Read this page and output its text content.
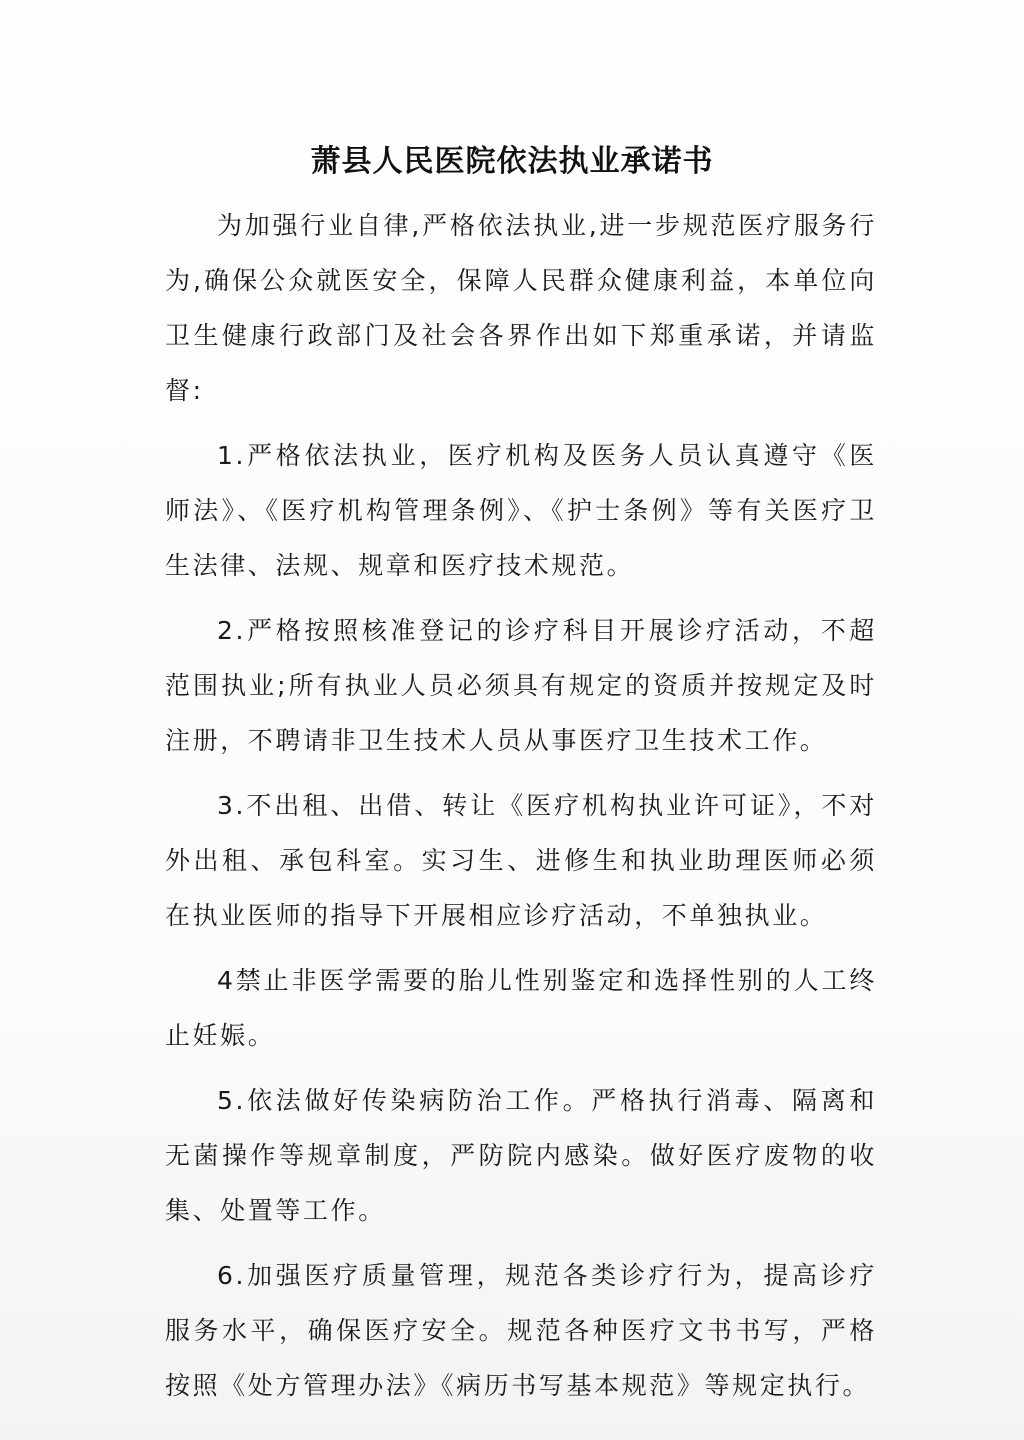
萧县人民医院依法执业承诺书

为加强行业自律,严格依法执业,进一步规范医疗服务行为,确保公众就医安全，保障人民群众健康利益，本单位向卫生健康行政部门及社会各界作出如下郑重承诺，并请监督:

1.严格依法执业，医疗机构及医务人员认真遵守《医师法》、《医疗机构管理条例》、《护士条例》等有关医疗卫生法律、法规、规章和医疗技术规范。

2.严格按照核准登记的诊疗科目开展诊疗活动，不超范围执业;所有执业人员必须具有规定的资质并按规定及时注册，不聘请非卫生技术人员从事医疗卫生技术工作。

3.不出租、出借、转让《医疗机构执业许可证》，不对外出租、承包科室。实习生、进修生和执业助理医师必须在执业医师的指导下开展相应诊疗活动，不单独执业。

4禁止非医学需要的胎儿性别鉴定和选择性别的人工终止妊娠。

5.依法做好传染病防治工作。严格执行消毒、隔离和无菌操作等规章制度，严防院内感染。做好医疗废物的收集、处置等工作。

6.加强医疗质量管理，规范各类诊疗行为，提高诊疗服务水平，确保医疗安全。规范各种医疗文书书写，严格按照《处方管理办法》《病历书写基本规范》等规定执行。
